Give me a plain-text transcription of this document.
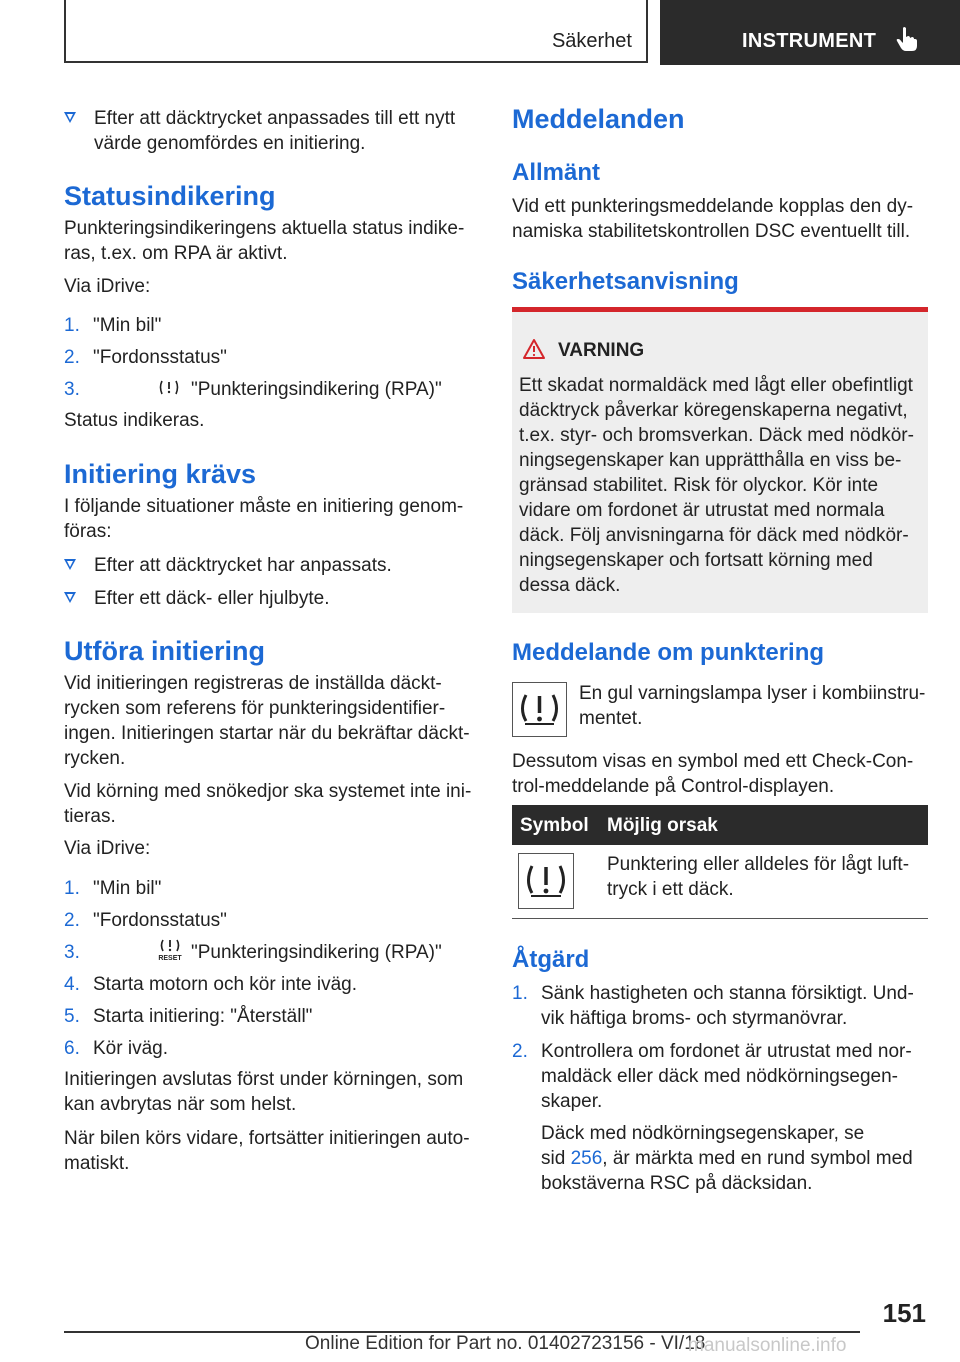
Säkerhet	INSTRUMENT
Efter att däcktrycket anpassades till ett nytt
värde genomfördes en initiering.
Statusindikering
Punkteringsindikeringens aktuella status indike-
ras, t.ex. om RPA är aktivt.
Via iDrive:
1. "Min bil"
2. "Fordonsstatus"
3.	"Punkteringsindikering (RPA)"
Status indikeras.
Initiering krävs
I följande situationer måste en initiering genom-
föras:
Efter att däcktrycket har anpassats.
Efter ett däck- eller hjulbyte.
Utföra initiering
Vid initieringen registreras de inställda däckt-
rycken som referens för punkteringsidentifier-
ingen. Initieringen startar när du bekräftar däckt-
rycken.
Vid körning med snökedjor ska systemet inte ini-
tieras.
Via iDrive:
1. "Min bil"
2. "Fordonsstatus"
3.	RESET "Punkteringsindikering (RPA)"
4. Starta motorn och kör inte iväg.
5. Starta initiering: "Återställ"
6. Kör iväg.
Initieringen avslutas först under körningen, som
kan avbrytas när som helst.
När bilen körs vidare, fortsätter initieringen auto-
matiskt.
Meddelanden
Allmänt
Vid ett punkteringsmeddelande kopplas den dy-
namiska stabilitetskontrollen DSC eventuellt till.
Säkerhetsanvisning
VARNING
Ett skadat normaldäck med lågt eller obefintligt
däcktryck påverkar köregenskaperna negativt,
t.ex. styr- och bromsverkan. Däck med nödkör-
ningsegenskaper kan upprätthålla en viss be-
gränsad stabilitet. Risk för olyckor. Kör inte
vidare om fordonet är utrustat med normala
däck. Följ anvisningarna för däck med nödkör-
ningsegenskaper och fortsatt körning med
dessa däck.
Meddelande om punktering
En gul varningslampa lyser i kombiinstru-
mentet.
Dessutom visas en symbol med ett Check-Con-
trol-meddelande på Control-displayen.
Symbol Möjlig orsak
Punktering eller alldeles för lågt luft-
tryck i ett däck.
Åtgärd
1. Sänk hastigheten och stanna försiktigt. Und-
vik häftiga broms- och styrmanövrar.
2. Kontrollera om fordonet är utrustat med nor-
maldäck eller däck med nödkörningsegen-
skaper.
Däck med nödkörningsegenskaper, se
sid 256, är märkta med en rund symbol med
bokstäverna RSC på däcksidan.
151
Online Edition for Part no. 01402723156 - VI/18
manualsonline.info
